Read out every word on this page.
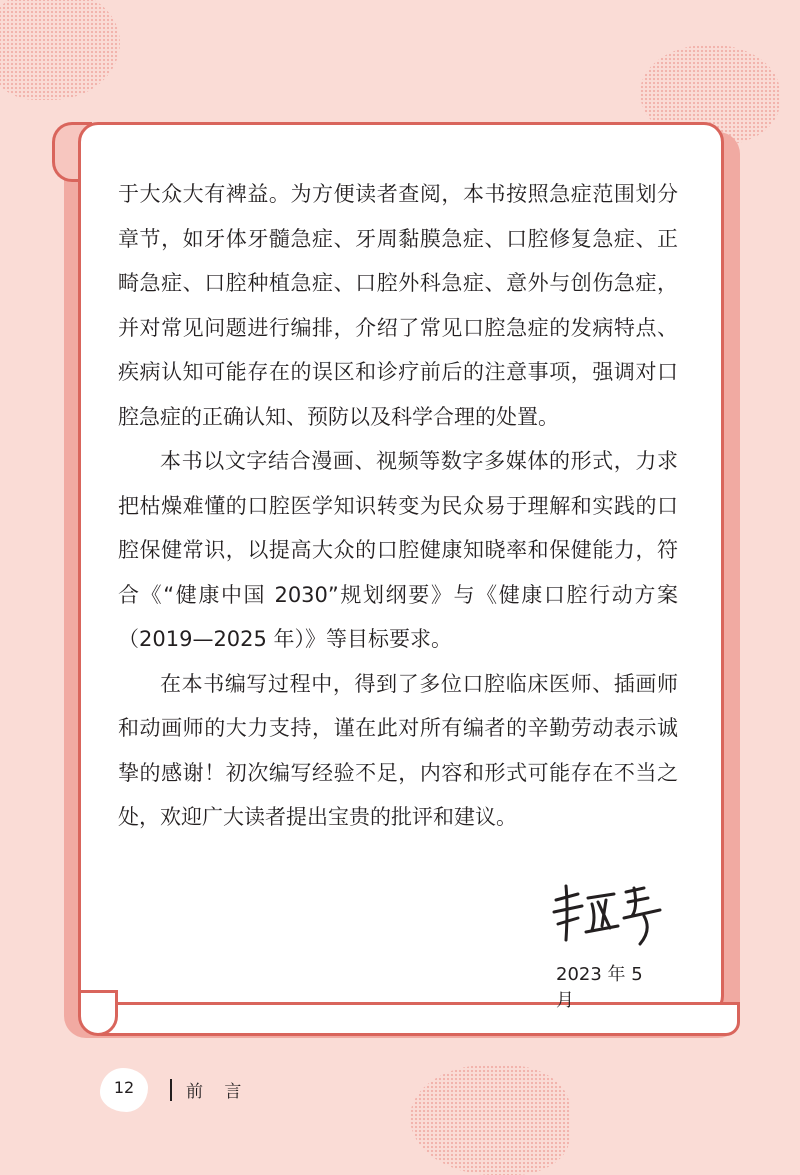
于大众大有裨益。为方便读者查阅，本书按照急症范围划分章节，如牙体牙髓急症、牙周黏膜急症、口腔修复急症、正畸急症、口腔种植急症、口腔外科急症、意外与创伤急症，并对常见问题进行编排，介绍了常见口腔急症的发病特点、疾病认知可能存在的误区和诊疗前后的注意事项，强调对口腔急症的正确认知、预防以及科学合理的处置。

本书以文字结合漫画、视频等数字多媒体的形式，力求把枯燥难懂的口腔医学知识转变为民众易于理解和实践的口腔保健常识，以提高大众的口腔健康知晓率和保健能力，符合《“健康中国 2030”规划纲要》与《健康口腔行动方案（2019—2025 年）》等目标要求。

在本书编写过程中，得到了多位口腔临床医师、插画师和动画师的大力支持，谨在此对所有编者的辛勤劳动表示诚挚的感谢！初次编写经验不足，内容和形式可能存在不当之处，欢迎广大读者提出宝贵的批评和建议。

2023 年 5 月
12	前 言
